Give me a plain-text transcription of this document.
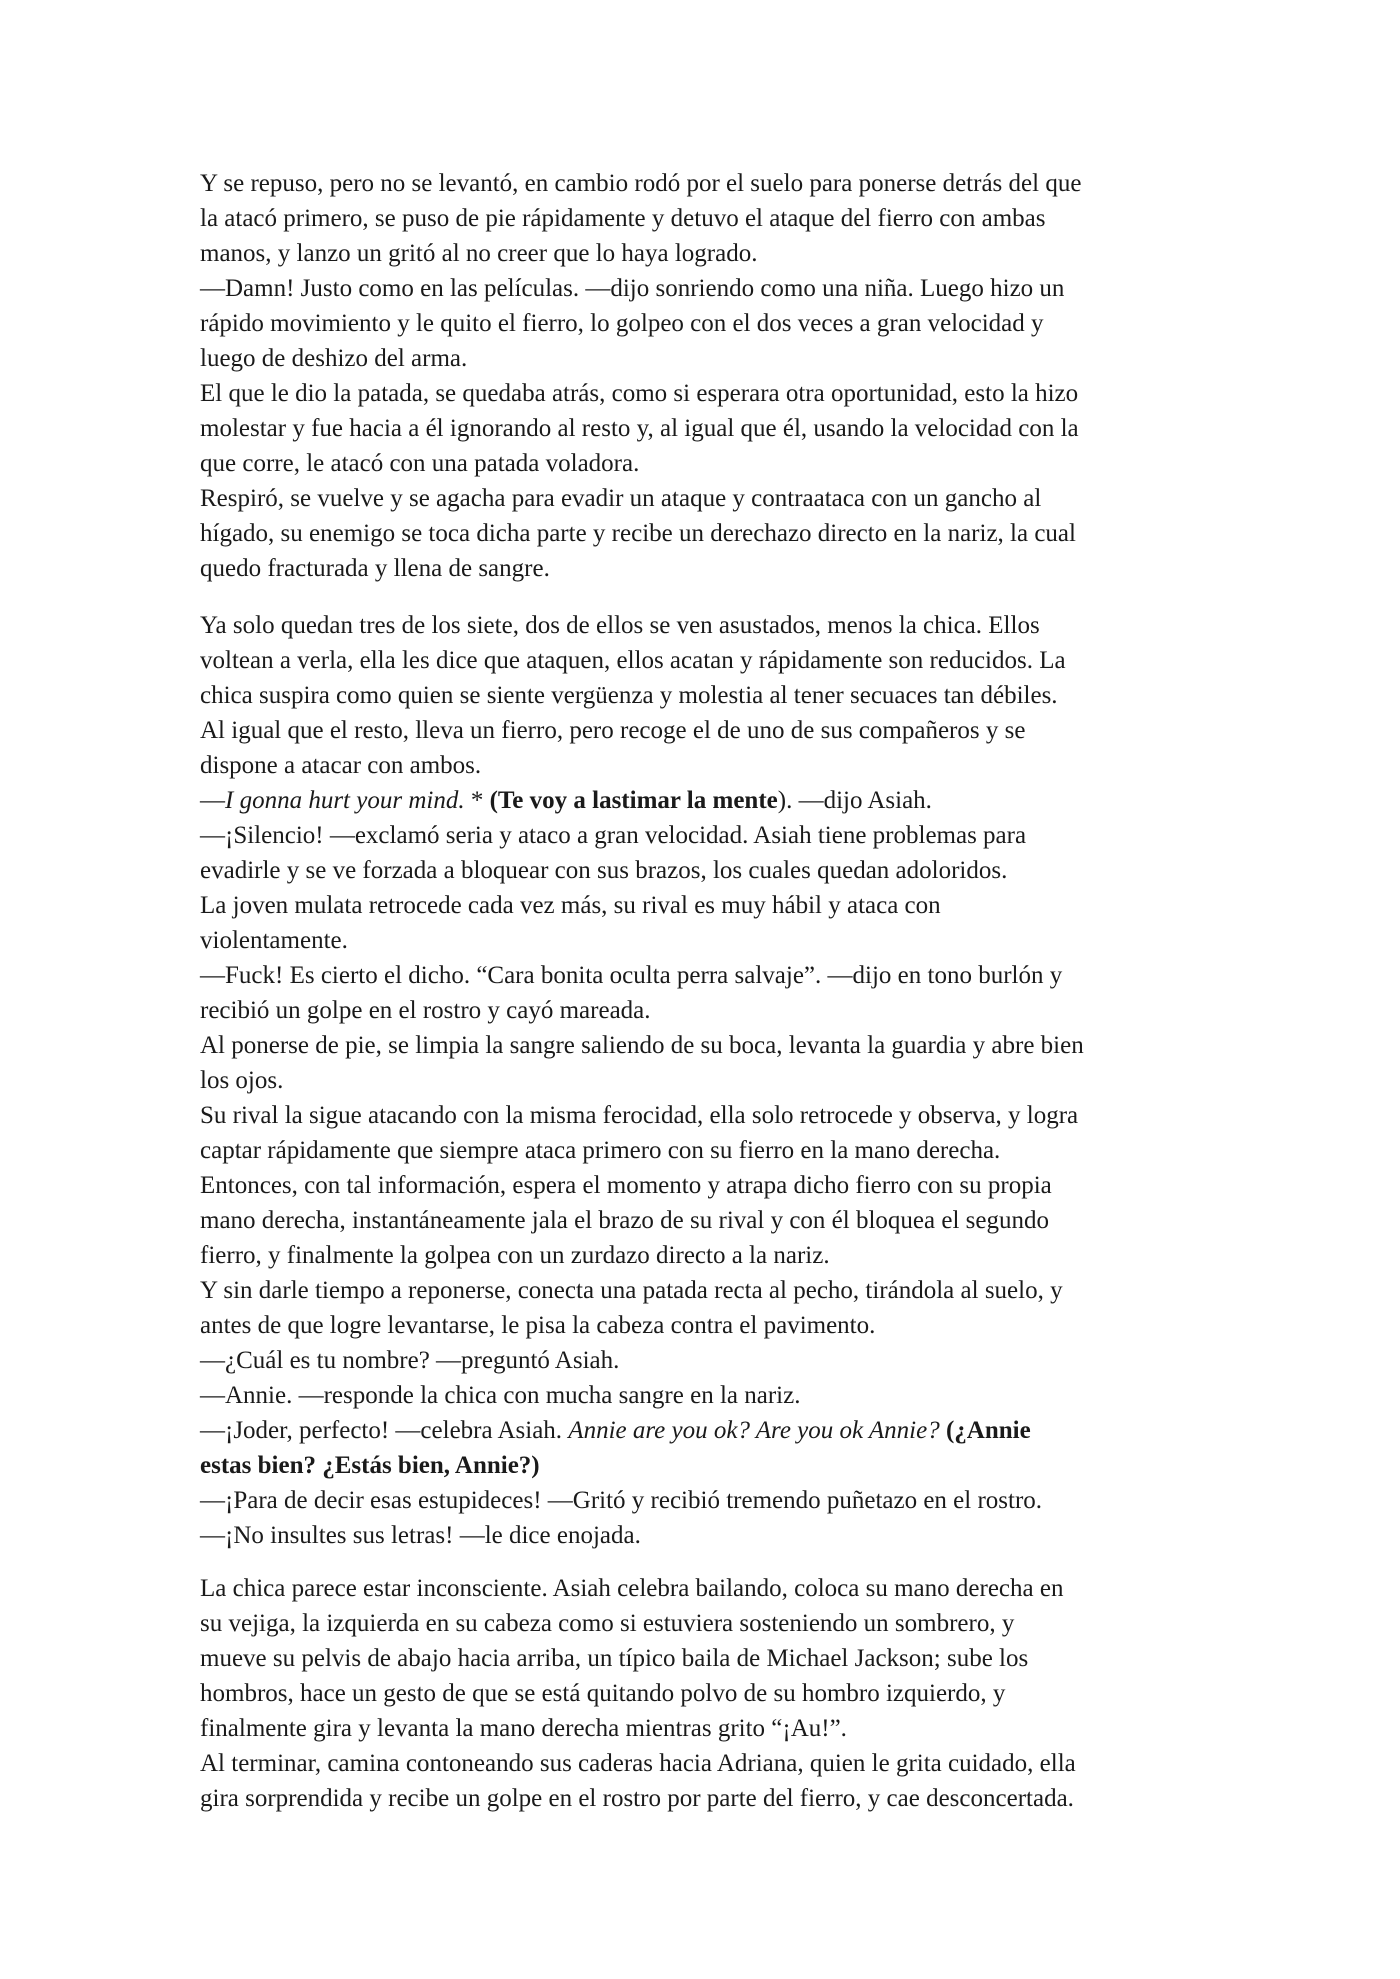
Y se repuso, pero no se levantó, en cambio rodó por el suelo para ponerse detrás del que
la atacó primero, se puso de pie rápidamente y detuvo el ataque del fierro con ambas
manos, y lanzo un gritó al no creer que lo haya logrado.

—Damn! Justo como en las películas. —dijo sonriendo como una niña. Luego hizo un
rápido movimiento y le quito el fierro, lo golpeo con el dos veces a gran velocidad y
luego de deshizo del arma.

El que le dio la patada, se quedaba atrás, como si esperara otra oportunidad, esto la hizo
molestar y fue hacia a él ignorando al resto y, al igual que él, usando la velocidad con la
que corre, le atacó con una patada voladora.

Respiró, se vuelve y se agacha para evadir un ataque y contraataca con un gancho al
hígado, su enemigo se toca dicha parte y recibe un derechazo directo en la nariz, la cual
quedo fracturada y llena de sangre.

Ya solo quedan tres de los siete, dos de ellos se ven asustados, menos la chica. Ellos
voltean a verla, ella les dice que ataquen, ellos acatan y rápidamente son reducidos. La
chica suspira como quien se siente vergüenza y molestia al tener secuaces tan débiles.
Al igual que el resto, lleva un fierro, pero recoge el de uno de sus compañeros y se
dispone a atacar con ambos.

—I gonna hurt your mind. * (Te voy a lastimar la mente). —dijo Asiah.

—¡Silencio! —exclamó seria y ataco a gran velocidad. Asiah tiene problemas para
evadirle y se ve forzada a bloquear con sus brazos, los cuales quedan adoloridos.

La joven mulata retrocede cada vez más, su rival es muy hábil y ataca con
violentamente.

—Fuck! Es cierto el dicho. “Cara bonita oculta perra salvaje”. —dijo en tono burlón y
recibió un golpe en el rostro y cayó mareada.

Al ponerse de pie, se limpia la sangre saliendo de su boca, levanta la guardia y abre bien
los ojos.

Su rival la sigue atacando con la misma ferocidad, ella solo retrocede y observa, y logra
captar rápidamente que siempre ataca primero con su fierro en la mano derecha.
Entonces, con tal información, espera el momento y atrapa dicho fierro con su propia
mano derecha, instantáneamente jala el brazo de su rival y con él bloquea el segundo
fierro, y finalmente la golpea con un zurdazo directo a la nariz.

Y sin darle tiempo a reponerse, conecta una patada recta al pecho, tirándola al suelo, y
antes de que logre levantarse, le pisa la cabeza contra el pavimento.

—¿Cuál es tu nombre? —preguntó Asiah.

—Annie. —responde la chica con mucha sangre en la nariz.

—¡Joder, perfecto! —celebra Asiah. Annie are you ok? Are you ok Annie? (¿Annie
estas bien? ¿Estás bien, Annie?)

—¡Para de decir esas estupideces! —Gritó y recibió tremendo puñetazo en el rostro.

—¡No insultes sus letras! —le dice enojada.

La chica parece estar inconsciente. Asiah celebra bailando, coloca su mano derecha en
su vejiga, la izquierda en su cabeza como si estuviera sosteniendo un sombrero, y
mueve su pelvis de abajo hacia arriba, un típico baila de Michael Jackson; sube los
hombros, hace un gesto de que se está quitando polvo de su hombro izquierdo, y
finalmente gira y levanta la mano derecha mientras grito “¡Au!”.

Al terminar, camina contoneando sus caderas hacia Adriana, quien le grita cuidado, ella
gira sorprendida y recibe un golpe en el rostro por parte del fierro, y cae desconcertada.
